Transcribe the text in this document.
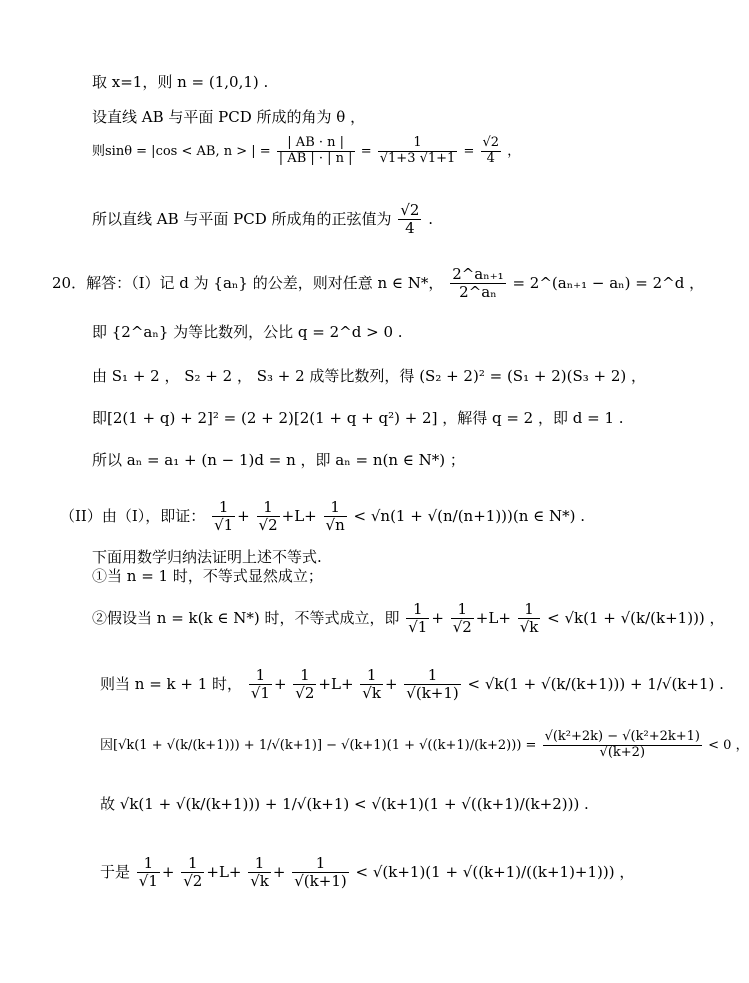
取 x=1，则 n = (1,0,1) .
设直线 AB 与平面 PCD 所成的角为 θ ，
则sinθ = |cos < AB, n > | = $\frac{| AB \cdot n |}{| AB | \cdot | n |} = \frac{1}{√1+3 √1+1} = \frac{√2}{4}$ ，
所以直线 AB 与平面 PCD 所成角的正弦值为 $\frac{√2}{4}$ .
20．解答：（I）记 d 为 {aₙ} 的公差，则对任意 n ∈ N*， $\frac{\text{2\textasciicircum{}aₙ₊₁}}{\text{2\textasciicircum{}aₙ}}$ = 2^(aₙ₊₁ − aₙ) = 2^d ，
即 {2^aₙ} 为等比数列，公比 q = 2^d > 0 .
由 S₁ + 2 ， S₂ + 2 ， S₃ + 2 成等比数列，得 (S₂ + 2)² = (S₁ + 2)(S₃ + 2) ，
即[2(1 + q) + 2]² = (2 + 2)[2(1 + q + q²) + 2] ，解得 q = 2 ，即 d = 1 .
所以 aₙ = a₁ + (n − 1)d = n ，即 aₙ = n(n ∈ N*) ；
（II）由（I），即证： $\frac{1}{√1} + \frac{1}{√2} +L+ \frac{1}{√n} < √n(1 + √(n/(n+1)))(n$ ∈ N*) .
下面用数学归纳法证明上述不等式.
①当 n = 1 时，不等式显然成立；
②假设当 n = k(k ∈ N*) 时，不等式成立，即 $\frac{1}{√1} + \frac{1}{√2} +L+ \frac{1}{√k} < √k(1 + √(k/(k+1)))$ ，
则当 n = k + 1 时， $\frac{1}{√1} + \frac{1}{√2} +L+ \frac{1}{√k} + \frac{1}{√(k+1)} < √k(1 + √(k/(k+1))) + 1/√(k+1)$ .
因$[√k(1 + √(k/(k+1))) + 1/√(k+1)] - √(k+1)(1 + √((k+1)/(k+2))) = \frac{\text{√(k²+2k) − √(k²+2k+1)}}{√(k+2)} < 0$ ，
故 √k(1 + √(k/(k+1))) + 1/√(k+1) < √(k+1)(1 + √((k+1)/(k+2))) .
于是 $\frac{1}{√1} + \frac{1}{√2} +L+ \frac{1}{√k} + \frac{1}{√(k+1)} < √(k+1)(1 + √((k+1)/((k+1)+1)))$ ，
